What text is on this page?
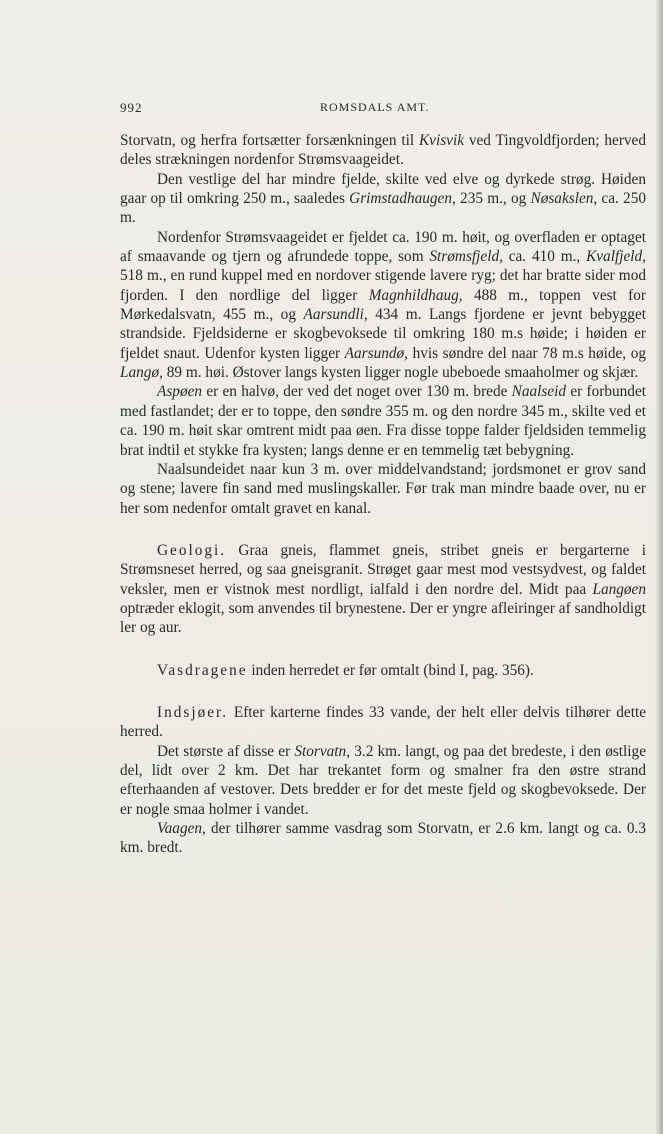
992	ROMSDALS AMT.

Storvatn, og herfra fortsætter forsænkningen til Kvisvik ved Tingvoldfjorden; herved deles strækningen nordenfor Strømsvaageidet.

Den vestlige del har mindre fjelde, skilte ved elve og dyrkede strøg. Høiden gaar op til omkring 250 m., saaledes Grimstadhaugen, 235 m., og Nøsakslen, ca. 250 m.

Nordenfor Strømsvaageidet er fjeldet ca. 190 m. høit, og overfladen er optaget af smaavande og tjern og afrundede toppe, som Strømsfjeld, ca. 410 m., Kvalfjeld, 518 m., en rund kuppel med en nordover stigende lavere ryg; det har bratte sider mod fjorden. I den nordlige del ligger Magnhildhaug, 488 m., toppen vest for Mørkedalsvatn, 455 m., og Aarsundli, 434 m. Langs fjordene er jevnt bebygget strandside. Fjeldsiderne er skogbevoksede til omkring 180 m.s høide; i høiden er fjeldet snaut. Udenfor kysten ligger Aarsundø, hvis søndre del naar 78 m.s høide, og Langø, 89 m. høi. Østover langs kysten ligger nogle ubeboede smaaholmer og skjær.

Aspøen er en halvø, der ved det noget over 130 m. brede Naalseid er forbundet med fastlandet; der er to toppe, den søndre 355 m. og den nordre 345 m., skilte ved et ca. 190 m. høit skar omtrent midt paa øen. Fra disse toppe falder fjeldsiden temmelig brat indtil et stykke fra kysten; langs denne er en temmelig tæt bebygning.

Naalsundeidet naar kun 3 m. over middelvandstand; jordsmonet er grov sand og stene; lavere fin sand med muslingskaller. Før trak man mindre baade over, nu er her som nedenfor omtalt gravet en kanal.

Geologi. Graa gneis, flammet gneis, stribet gneis er bergarterne i Strømsneset herred, og saa gneisgranit. Strøget gaar mest mod vestsydvest, og faldet veksler, men er vistnok mest nordligt, ialfald i den nordre del. Midt paa Langøen optræder eklogit, som anvendes til brynestene. Der er yngre afleiringer af sandholdigt ler og aur.

Vasdragene inden herredet er før omtalt (bind I, pag. 356).

Indsjøer. Efter karterne findes 33 vande, der helt eller delvis tilhører dette herred.

Det største af disse er Storvatn, 3.2 km. langt, og paa det bredeste, i den østlige del, lidt over 2 km. Det har trekantet form og smalner fra den østre strand efterhaanden af vestover. Dets bredder er for det meste fjeld og skogbevoksede. Der er nogle smaa holmer i vandet.

Vaagen, der tilhører samme vasdrag som Storvatn, er 2.6 km. langt og ca. 0.3 km. bredt.
